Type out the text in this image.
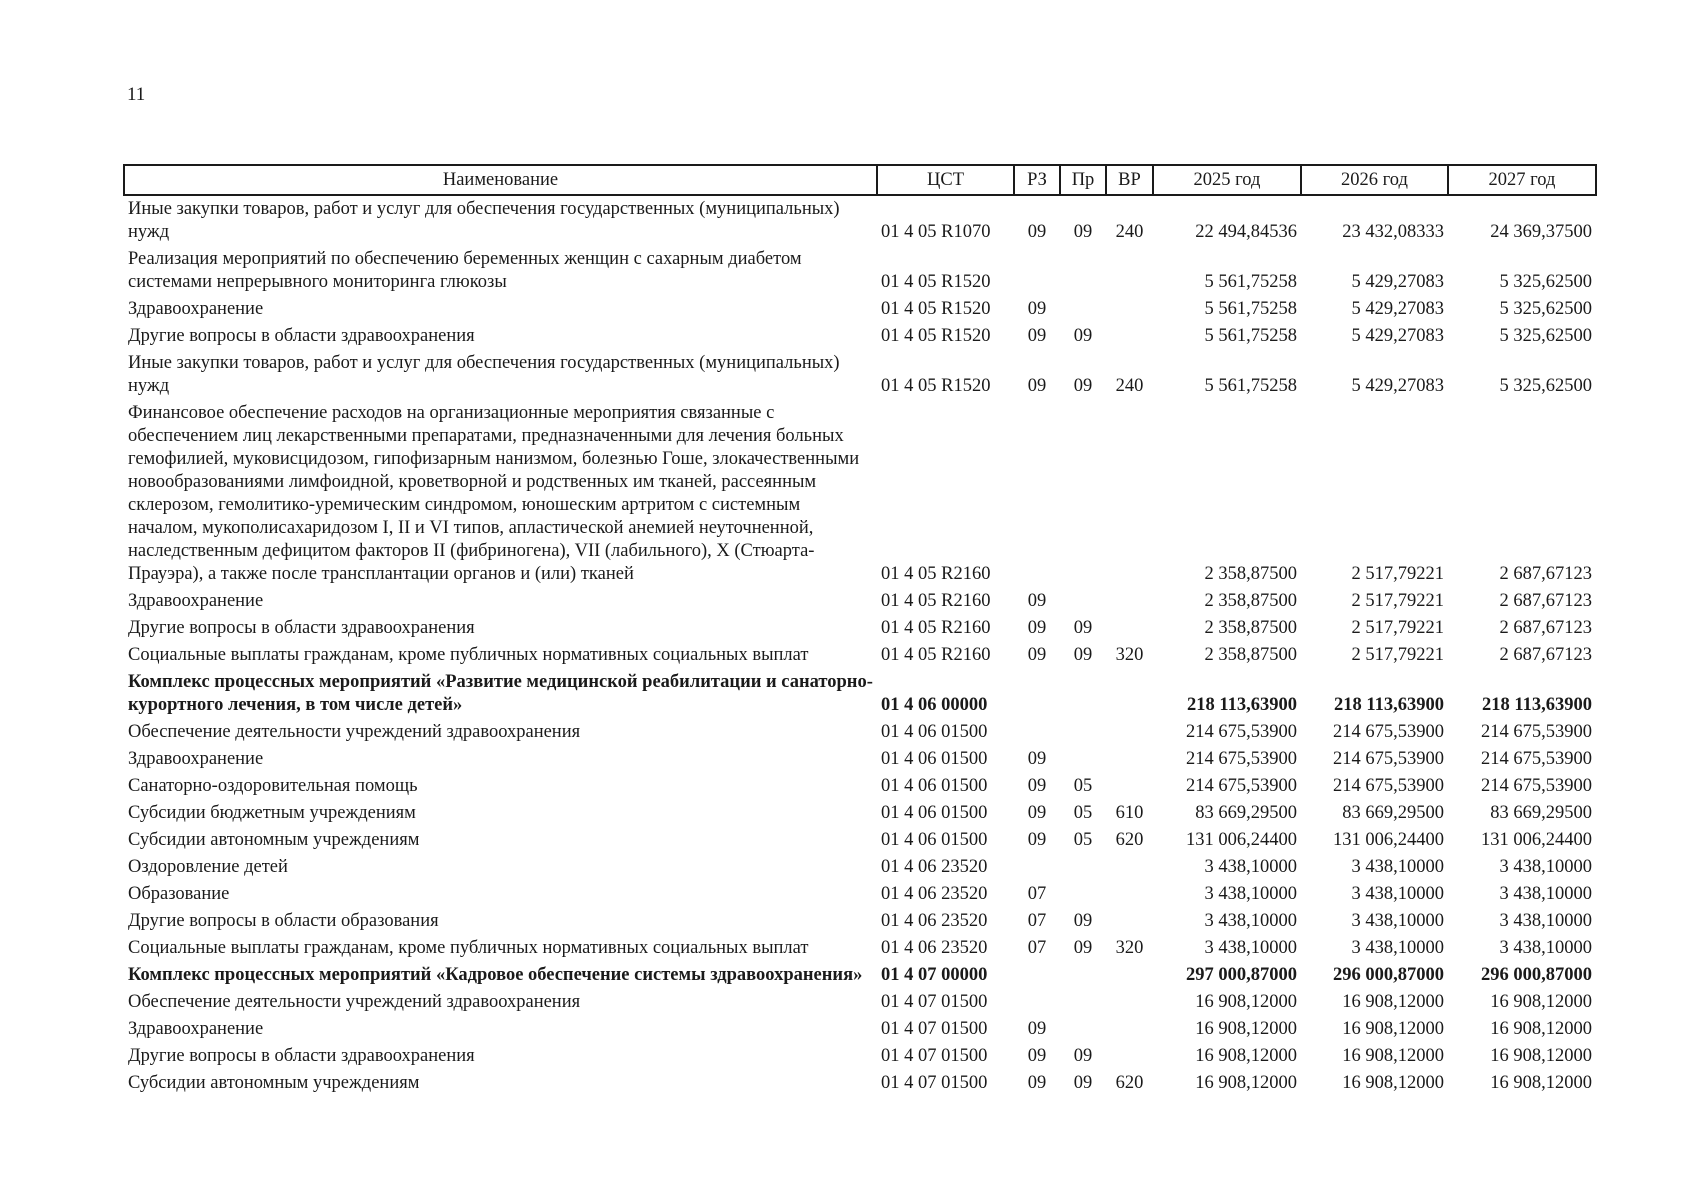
11
Наименование	ЦСТ	РЗ	Пр	ВР	2025 год	2026 год	2027 год
Иные закупки товаров, работ и услуг для обеспечения государственных (муниципальных) нужд	01 4 05 R1070	09	09	240	22 494,84536	23 432,08333	24 369,37500
Реализация мероприятий по обеспечению беременных женщин с сахарным диабетом системами непрерывного мониторинга глюкозы	01 4 05 R1520				5 561,75258	5 429,27083	5 325,62500
Здравоохранение	01 4 05 R1520	09			5 561,75258	5 429,27083	5 325,62500
Другие вопросы в области здравоохранения	01 4 05 R1520	09	09		5 561,75258	5 429,27083	5 325,62500
Иные закупки товаров, работ и услуг для обеспечения государственных (муниципальных) нужд	01 4 05 R1520	09	09	240	5 561,75258	5 429,27083	5 325,62500
Финансовое обеспечение расходов на организационные мероприятия связанные с обеспечением лиц лекарственными препаратами, предназначенными для лечения больных гемофилией, муковисцидозом, гипофизарным нанизмом, болезнью Гоше, злокачественными новообразованиями лимфоидной, кроветворной и родственных им тканей, рассеянным склерозом, гемолитико-уремическим синдромом, юношеским артритом с системным началом, мукополисахаридозом I, II и VI типов, апластической анемией неуточненной, наследственным дефицитом факторов II (фибриногена), VII (лабильного), X (Стюарта-Прауэра), а также после трансплантации органов и (или) тканей	01 4 05 R2160				2 358,87500	2 517,79221	2 687,67123
Здравоохранение	01 4 05 R2160	09			2 358,87500	2 517,79221	2 687,67123
Другие вопросы в области здравоохранения	01 4 05 R2160	09	09		2 358,87500	2 517,79221	2 687,67123
Социальные выплаты гражданам, кроме публичных нормативных социальных выплат	01 4 05 R2160	09	09	320	2 358,87500	2 517,79221	2 687,67123
Комплекс процессных мероприятий «Развитие медицинской реабилитации и санаторно-курортного лечения, в том числе детей»	01 4 06 00000				218 113,63900	218 113,63900	218 113,63900
Обеспечение деятельности учреждений здравоохранения	01 4 06 01500				214 675,53900	214 675,53900	214 675,53900
Здравоохранение	01 4 06 01500	09			214 675,53900	214 675,53900	214 675,53900
Санаторно-оздоровительная помощь	01 4 06 01500	09	05		214 675,53900	214 675,53900	214 675,53900
Субсидии бюджетным учреждениям	01 4 06 01500	09	05	610	83 669,29500	83 669,29500	83 669,29500
Субсидии автономным учреждениям	01 4 06 01500	09	05	620	131 006,24400	131 006,24400	131 006,24400
Оздоровление детей	01 4 06 23520				3 438,10000	3 438,10000	3 438,10000
Образование	01 4 06 23520	07			3 438,10000	3 438,10000	3 438,10000
Другие вопросы в области образования	01 4 06 23520	07	09		3 438,10000	3 438,10000	3 438,10000
Социальные выплаты гражданам, кроме публичных нормативных социальных выплат	01 4 06 23520	07	09	320	3 438,10000	3 438,10000	3 438,10000
Комплекс процессных мероприятий «Кадровое обеспечение системы здравоохранения»	01 4 07 00000				297 000,87000	296 000,87000	296 000,87000
Обеспечение деятельности учреждений здравоохранения	01 4 07 01500				16 908,12000	16 908,12000	16 908,12000
Здравоохранение	01 4 07 01500	09			16 908,12000	16 908,12000	16 908,12000
Другие вопросы в области здравоохранения	01 4 07 01500	09	09		16 908,12000	16 908,12000	16 908,12000
Субсидии автономным учреждениям	01 4 07 01500	09	09	620	16 908,12000	16 908,12000	16 908,12000
